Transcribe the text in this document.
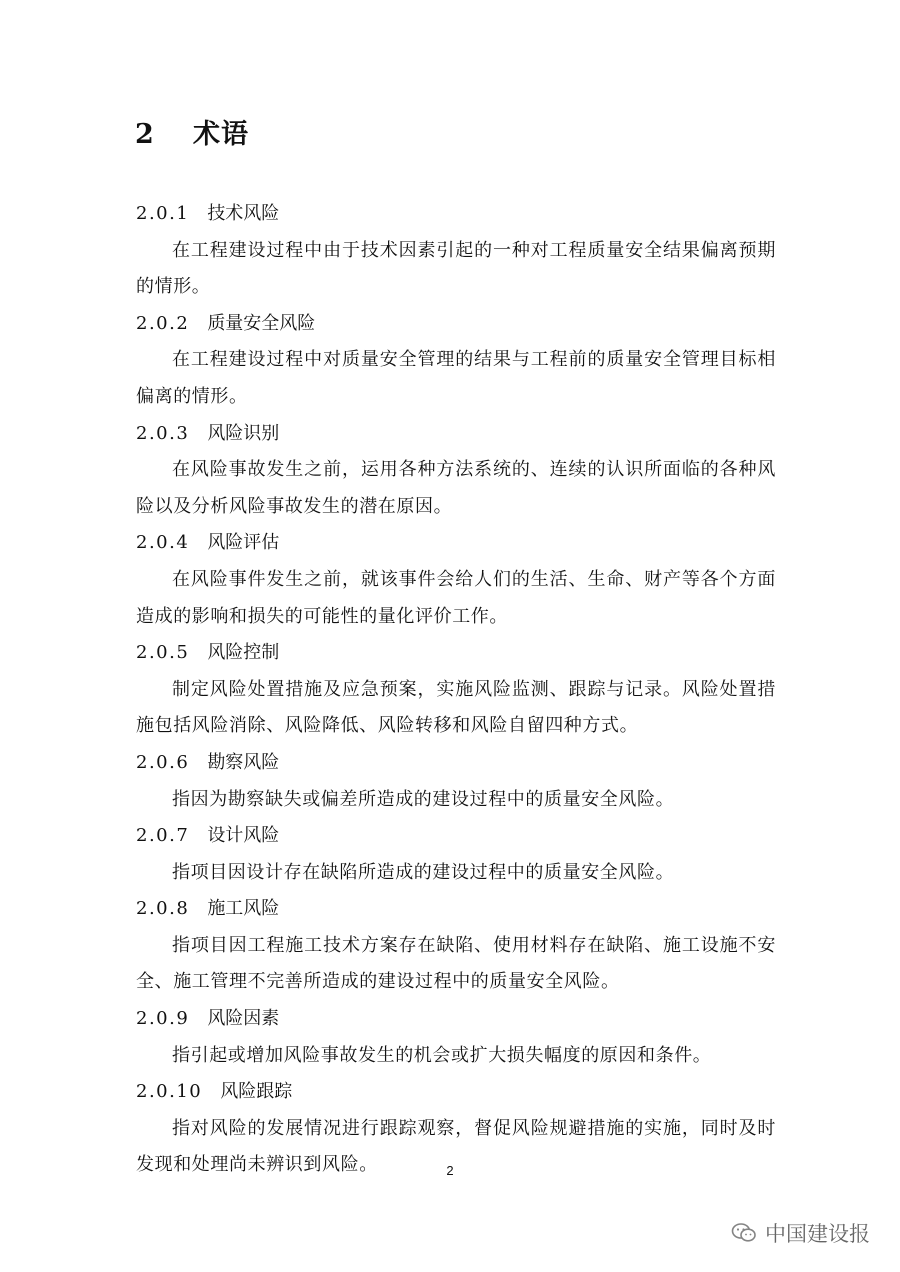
2 术语
2.0.1 技术风险
在工程建设过程中由于技术因素引起的一种对工程质量安全结果偏离预期的情形。
2.0.2 质量安全风险
在工程建设过程中对质量安全管理的结果与工程前的质量安全管理目标相偏离的情形。
2.0.3 风险识别
在风险事故发生之前，运用各种方法系统的、连续的认识所面临的各种风险以及分析风险事故发生的潜在原因。
2.0.4 风险评估
在风险事件发生之前，就该事件会给人们的生活、生命、财产等各个方面造成的影响和损失的可能性的量化评价工作。
2.0.5 风险控制
制定风险处置措施及应急预案，实施风险监测、跟踪与记录。风险处置措施包括风险消除、风险降低、风险转移和风险自留四种方式。
2.0.6 勘察风险
指因为勘察缺失或偏差所造成的建设过程中的质量安全风险。
2.0.7 设计风险
指项目因设计存在缺陷所造成的建设过程中的质量安全风险。
2.0.8 施工风险
指项目因工程施工技术方案存在缺陷、使用材料存在缺陷、施工设施不安全、施工管理不完善所造成的建设过程中的质量安全风险。
2.0.9 风险因素
指引起或增加风险事故发生的机会或扩大损失幅度的原因和条件。
2.0.10 风险跟踪
指对风险的发展情况进行跟踪观察，督促风险规避措施的实施，同时及时发现和处理尚未辨识到风险。	2
中国建设报
